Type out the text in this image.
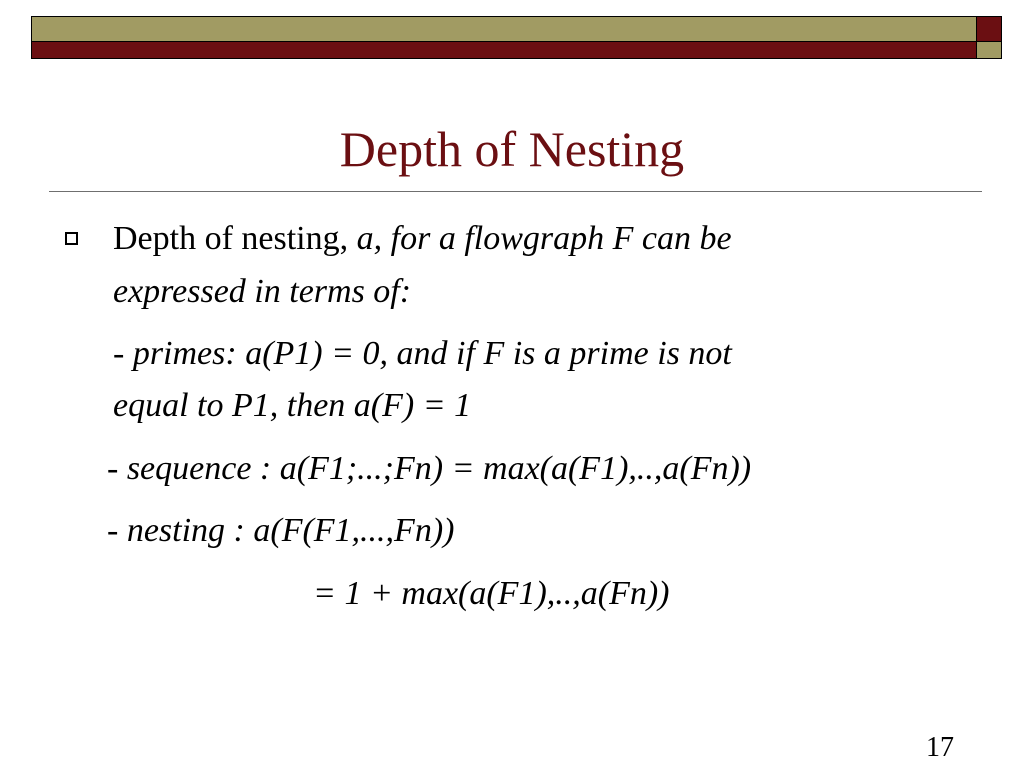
Depth of Nesting
Depth of nesting, a, for a flowgraph F can be
expressed in terms of:
- primes: a(P1) = 0, and if F is a prime is not
equal to P1, then a(F) = 1
- sequence : a(F1;...;Fn) = max(a(F1),..,a(Fn))
- nesting : a(F(F1,...,Fn))
= 1 + max(a(F1),..,a(Fn))
17
